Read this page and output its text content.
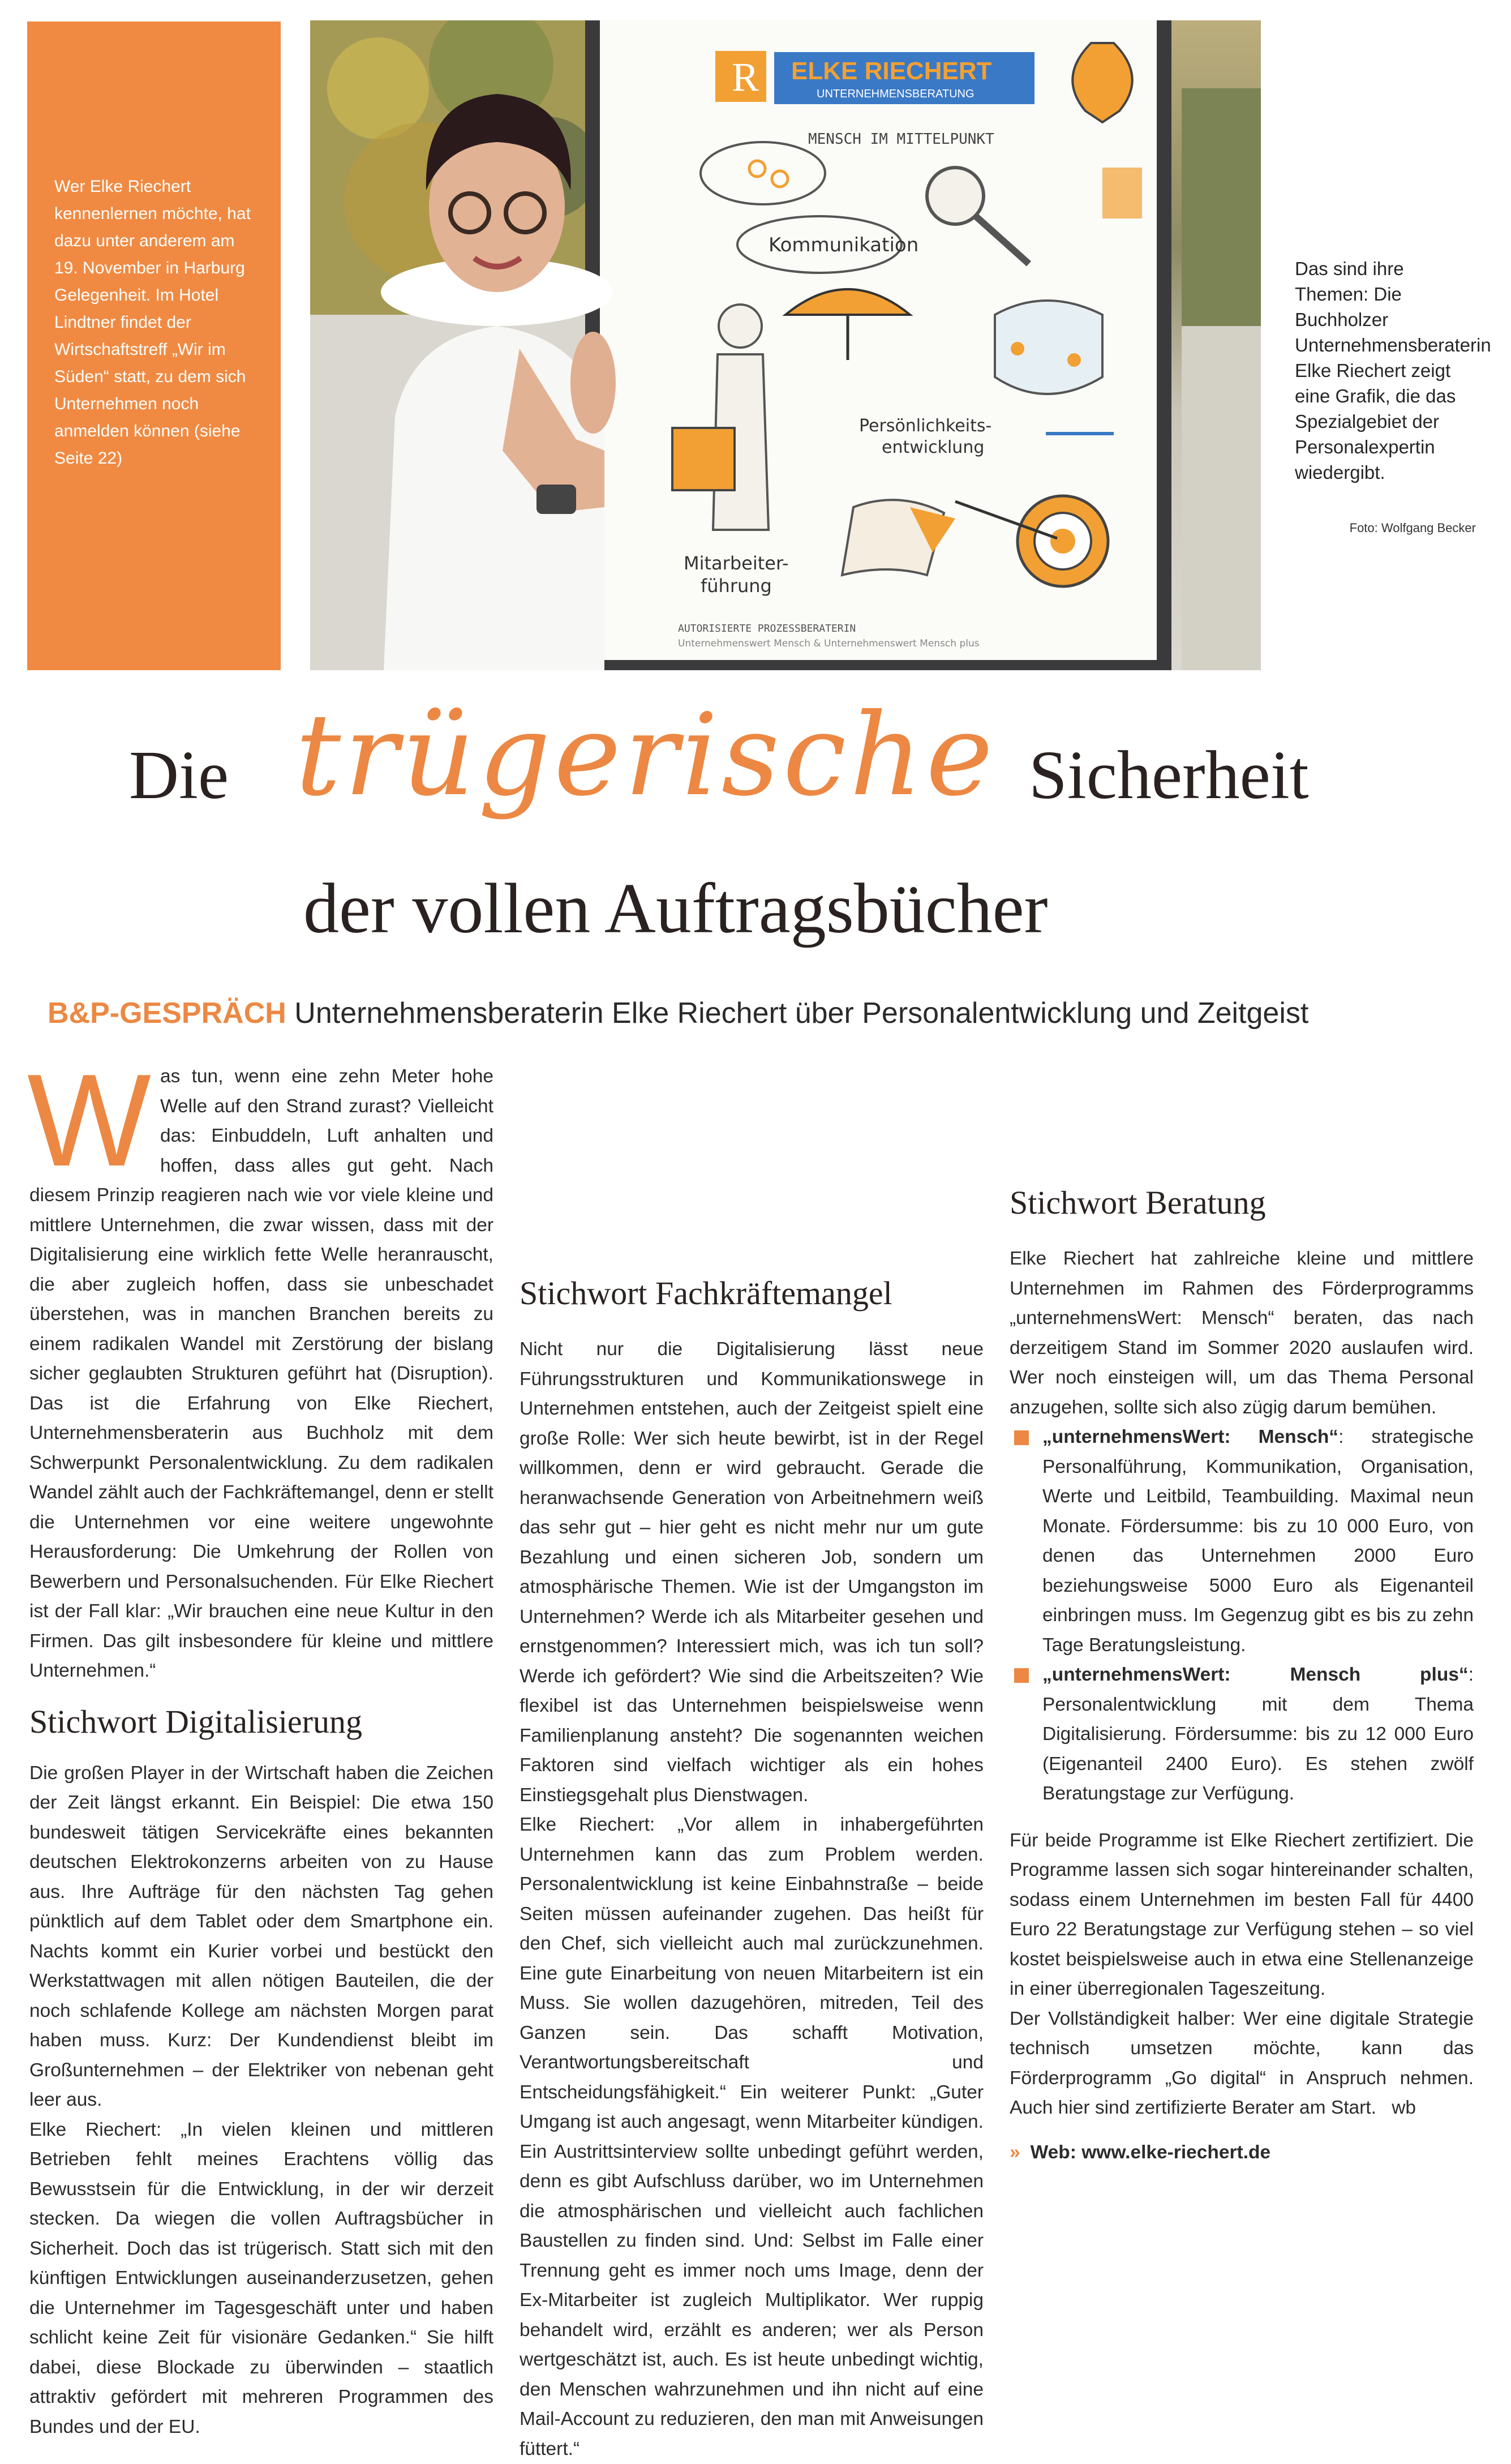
Wer Elke Riechert kennenlernen möchte, hat dazu unter anderem am 19. November in Harburg Gelegenheit. Im Hotel Lindtner findet der Wirtschaftstreff „Wir im Süden“ statt, zu dem sich Unternehmen noch anmelden können (siehe Seite 22)

R ELKE RIECHERT
UNTERNEHMENSBERATUNG
MENSCH IM MITTELPUNKT
Kommunikation
Persönlichkeits-
entwicklung
Mitarbeiter-
führung
AUTORISIERTE PROZESSBERATERIN
Unternehmenswert Mensch & Unternehmenswert Mensch plus
Das sind ihre Themen: Die Buchholzer Unternehmensberaterin Elke Riechert zeigt eine Grafik, die das Spezialgebiet der Personalexpertin wiedergibt.
Foto: Wolfgang Becker
Die trügerische Sicherheit
der vollen Auftragsbücher
B&P-GESPRÄCH Unternehmensberaterin Elke Riechert über Personalentwicklung und Zeitgeist

Was tun, wenn eine zehn Meter hohe Welle auf den Strand zurast? Vielleicht das: Einbuddeln, Luft anhalten und hoffen, dass alles gut geht. Nach diesem Prinzip reagieren nach wie vor viele kleine und mittlere Unternehmen, die zwar wissen, dass mit der Digitalisierung eine wirklich fette Welle heranrauscht, die aber zugleich hoffen, dass sie unbeschadet überstehen, was in manchen Branchen bereits zu einem radikalen Wandel mit Zerstörung der bislang sicher geglaubten Strukturen geführt hat (Disruption). Das ist die Erfahrung von Elke Riechert, Unternehmensberaterin aus Buchholz mit dem Schwerpunkt Personalentwicklung. Zu dem radikalen Wandel zählt auch der Fachkräftemangel, denn er stellt die Unternehmen vor eine weitere ungewohnte Herausforderung: Die Umkehrung der Rollen von Bewerbern und Personalsuchenden. Für Elke Riechert ist der Fall klar: „Wir brauchen eine neue Kultur in den Firmen. Das gilt insbesondere für kleine und mittlere Unternehmen.“

Stichwort Digitalisierung

Die großen Player in der Wirtschaft haben die Zeichen der Zeit längst erkannt. Ein Beispiel: Die etwa 150 bundesweit tätigen Servicekräfte eines bekannten deutschen Elektrokonzerns arbeiten von zu Hause aus. Ihre Aufträge für den nächsten Tag gehen pünktlich auf dem Tablet oder dem Smartphone ein. Nachts kommt ein Kurier vorbei und bestückt den Werkstattwagen mit allen nötigen Bauteilen, die der noch schlafende Kollege am nächsten Morgen parat haben muss. Kurz: Der Kundendienst bleibt im Großunternehmen – der Elektriker von nebenan geht leer aus.

Elke Riechert: „In vielen kleinen und mittleren Betrieben fehlt meines Erachtens völlig das Bewusstsein für die Entwicklung, in der wir derzeit stecken. Da wiegen die vollen Auftragsbücher in Sicherheit. Doch das ist trügerisch. Statt sich mit den künftigen Entwicklungen auseinanderzusetzen, gehen die Unternehmer im Tagesgeschäft unter und haben schlicht keine Zeit für visionäre Gedanken.“ Sie hilft dabei, diese Blockade zu überwinden – staatlich attraktiv gefördert mit mehreren Programmen des Bundes und der EU.

Stichwort Fachkräftemangel

Nicht nur die Digitalisierung lässt neue Führungsstrukturen und Kommunikationswege in Unternehmen entstehen, auch der Zeitgeist spielt eine große Rolle: Wer sich heute bewirbt, ist in der Regel willkommen, denn er wird gebraucht. Gerade die heranwachsende Generation von Arbeitnehmern weiß das sehr gut – hier geht es nicht mehr nur um gute Bezahlung und einen sicheren Job, sondern um atmosphärische Themen. Wie ist der Umgangston im Unternehmen? Werde ich als Mitarbeiter gesehen und ernstgenommen? Interessiert mich, was ich tun soll? Werde ich gefördert? Wie sind die Arbeitszeiten? Wie flexibel ist das Unternehmen beispielsweise wenn Familienplanung ansteht? Die sogenannten weichen Faktoren sind vielfach wichtiger als ein hohes Einstiegsgehalt plus Dienstwagen.

Elke Riechert: „Vor allem in inhabergeführten Unternehmen kann das zum Problem werden. Personalentwicklung ist keine Einbahnstraße – beide Seiten müssen aufeinander zugehen. Das heißt für den Chef, sich vielleicht auch mal zurückzunehmen. Eine gute Einarbeitung von neuen Mitarbeitern ist ein Muss. Sie wollen dazugehören, mitreden, Teil des Ganzen sein. Das schafft Motivation, Verantwortungsbereitschaft und Entscheidungsfähigkeit.“ Ein weiterer Punkt: „Guter Umgang ist auch angesagt, wenn Mitarbeiter kündigen. Ein Austrittsinterview sollte unbedingt geführt werden, denn es gibt Aufschluss darüber, wo im Unternehmen die atmosphärischen und vielleicht auch fachlichen Baustellen zu finden sind. Und: Selbst im Falle einer Trennung geht es immer noch ums Image, denn der Ex-Mitarbeiter ist zugleich Multiplikator. Wer ruppig behandelt wird, erzählt es anderen; wer als Person wertgeschätzt ist, auch. Es ist heute unbedingt wichtig, den Menschen wahrzunehmen und ihn nicht auf eine Mail-Account zu reduzieren, den man mit Anweisungen füttert.“

Stichwort Beratung

Elke Riechert hat zahlreiche kleine und mittlere Unternehmen im Rahmen des Förderprogramms „unternehmensWert: Mensch“ beraten, das nach derzeitigem Stand im Sommer 2020 auslaufen wird. Wer noch einsteigen will, um das Thema Personal anzugehen, sollte sich also zügig darum bemühen.

„unternehmensWert: Mensch“: strategische Personalführung, Kommunikation, Organisation, Werte und Leitbild, Teambuilding. Maximal neun Monate. Fördersumme: bis zu 10 000 Euro, von denen das Unternehmen 2000 Euro beziehungsweise 5000 Euro als Eigenanteil einbringen muss. Im Gegenzug gibt es bis zu zehn Tage Beratungsleistung.
„unternehmensWert: Mensch plus“: Personalentwicklung mit dem Thema Digitalisierung. Fördersumme: bis zu 12 000 Euro (Eigenanteil 2400 Euro). Es stehen zwölf Beratungstage zur Verfügung.

Für beide Programme ist Elke Riechert zertifiziert. Die Programme lassen sich sogar hintereinander schalten, sodass einem Unternehmen im besten Fall für 4400 Euro 22 Beratungstage zur Verfügung stehen – so viel kostet beispielsweise auch in etwa eine Stellenanzeige in einer überregionalen Tageszeitung.

Der Vollständigkeit halber: Wer eine digitale Strategie technisch umsetzen möchte, kann das Förderprogramm „Go digital“ in Anspruch nehmen. Auch hier sind zertifizierte Berater am Start. wb

» Web: www.elke-riechert.de
